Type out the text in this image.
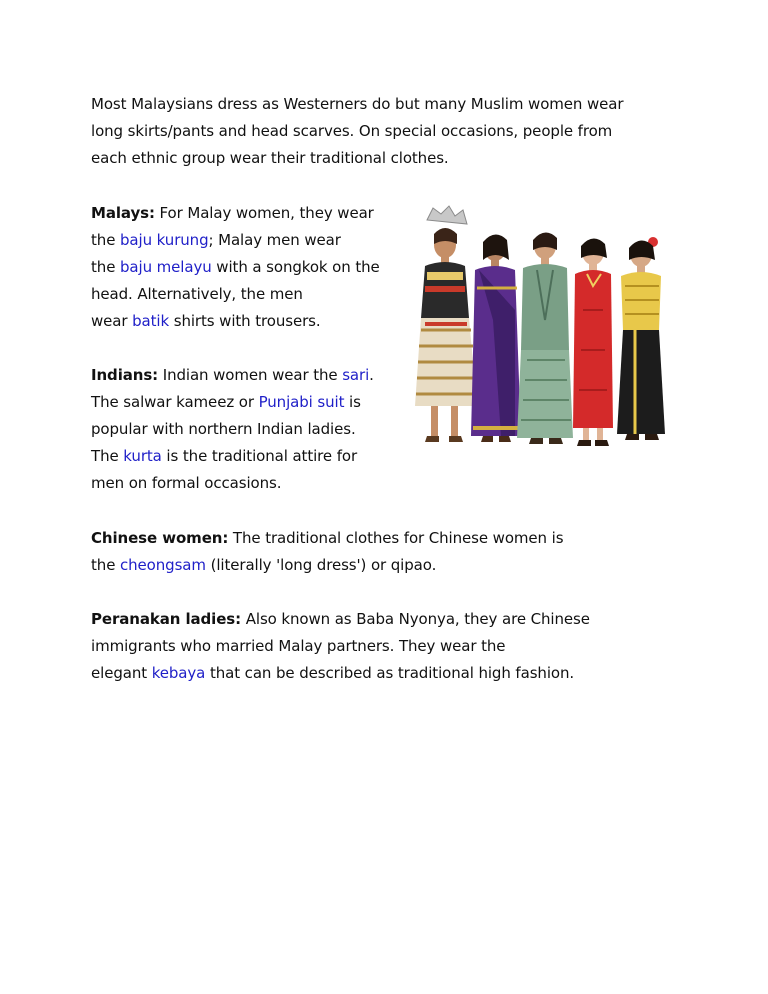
Most Malaysians dress as Westerners do but many Muslim women wear
long skirts/pants and head scarves. On special occasions, people from
each ethnic group wear their traditional clothes.
Malays: For Malay women, they wear
the baju kurung; Malay men wear
the baju melayu with a songkok on the
head. Alternatively, the men
wear batik shirts with trousers.
Indians: Indian women wear the sari.
The salwar kameez or Punjabi suit is
popular with northern Indian ladies.
The kurta is the traditional attire for
men on formal occasions.
Chinese women: The traditional clothes for Chinese women is
the cheongsam (literally 'long dress') or qipao.
Peranakan ladies: Also known as Baba Nyonya, they are Chinese
immigrants who married Malay partners. They wear the
elegant kebaya that can be described as traditional high fashion.
